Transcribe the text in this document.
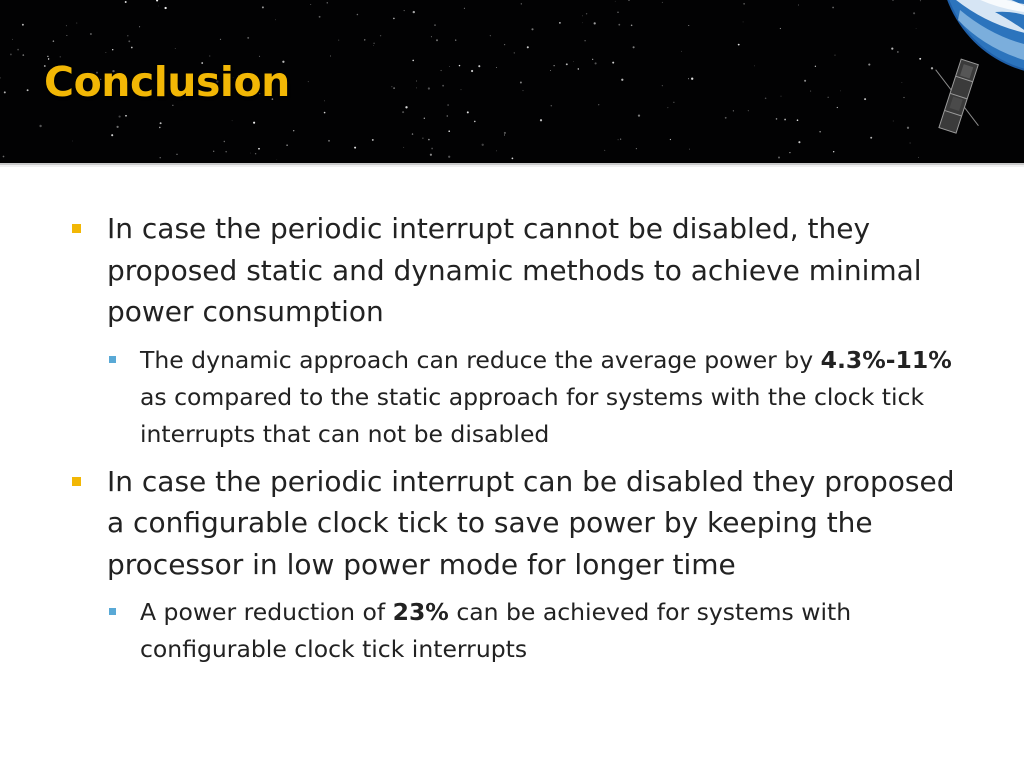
Conclusion
In case the periodic interrupt cannot be disabled, they proposed static and dynamic methods to achieve minimal power consumption
The dynamic approach can reduce the average power by 4.3%-11% as compared to the static approach for systems with the clock tick interrupts that can not be disabled
In case the periodic interrupt can be disabled they proposed a configurable clock tick to save power by keeping the processor in low power mode for longer time
A power reduction of 23% can be achieved for systems with configurable clock tick interrupts
